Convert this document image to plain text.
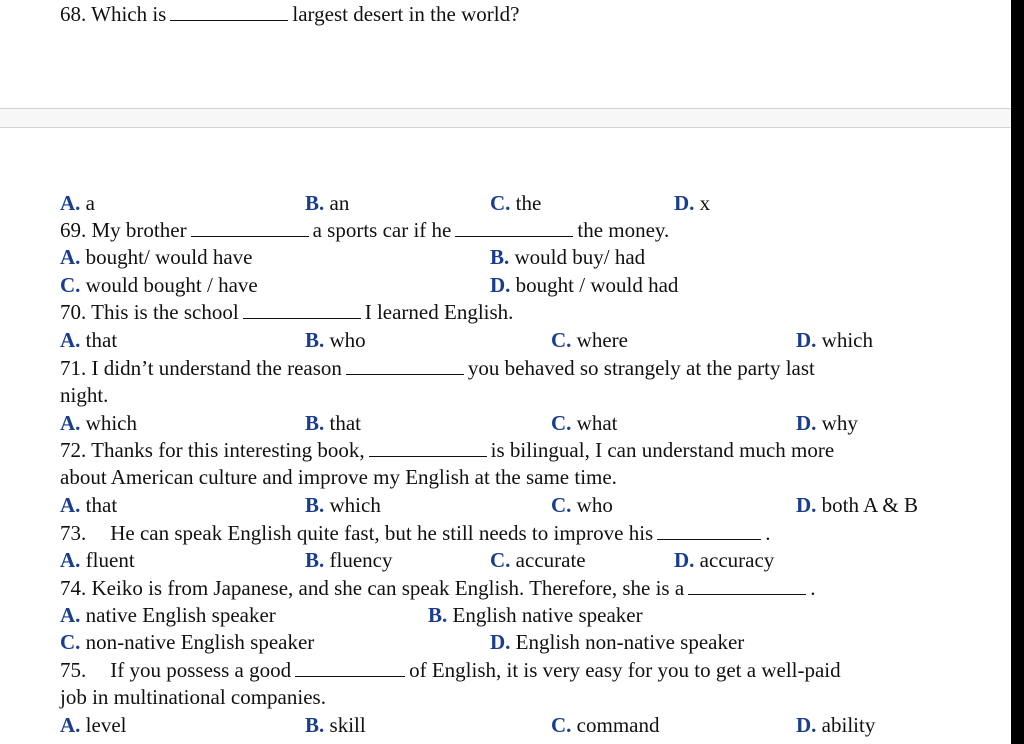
68. Which is	largest desert in the world?
A. a	B. an	C. the	D. x
69. My brother	a sports car if he	the money.
A. bought/ would have	B. would buy/ had
C. would bought / have	D. bought / would had
70. This is the school	I learned English.
A. that	B. who	C. where	D. which
71. I didn’t understand the reason	you behaved so strangely at the party last
night.
A. which	B. that	C. what	D. why
72. Thanks for this interesting book,	is bilingual, I can understand much more
about American culture and improve my English at the same time.
A. that	B. which	C. who	D. both A & B
73. He can speak English quite fast, but he still needs to improve his	.
A. fluent	B. fluency	C. accurate	D. accuracy
74. Keiko is from Japanese, and she can speak English. Therefore, she is a	.
A. native English speaker	B. English native speaker
C. non-native English speaker	D. English non-native speaker
75. If you possess a good	of English, it is very easy for you to get a well-paid
job in multinational companies.
A. level	B. skill	C. command	D. ability
